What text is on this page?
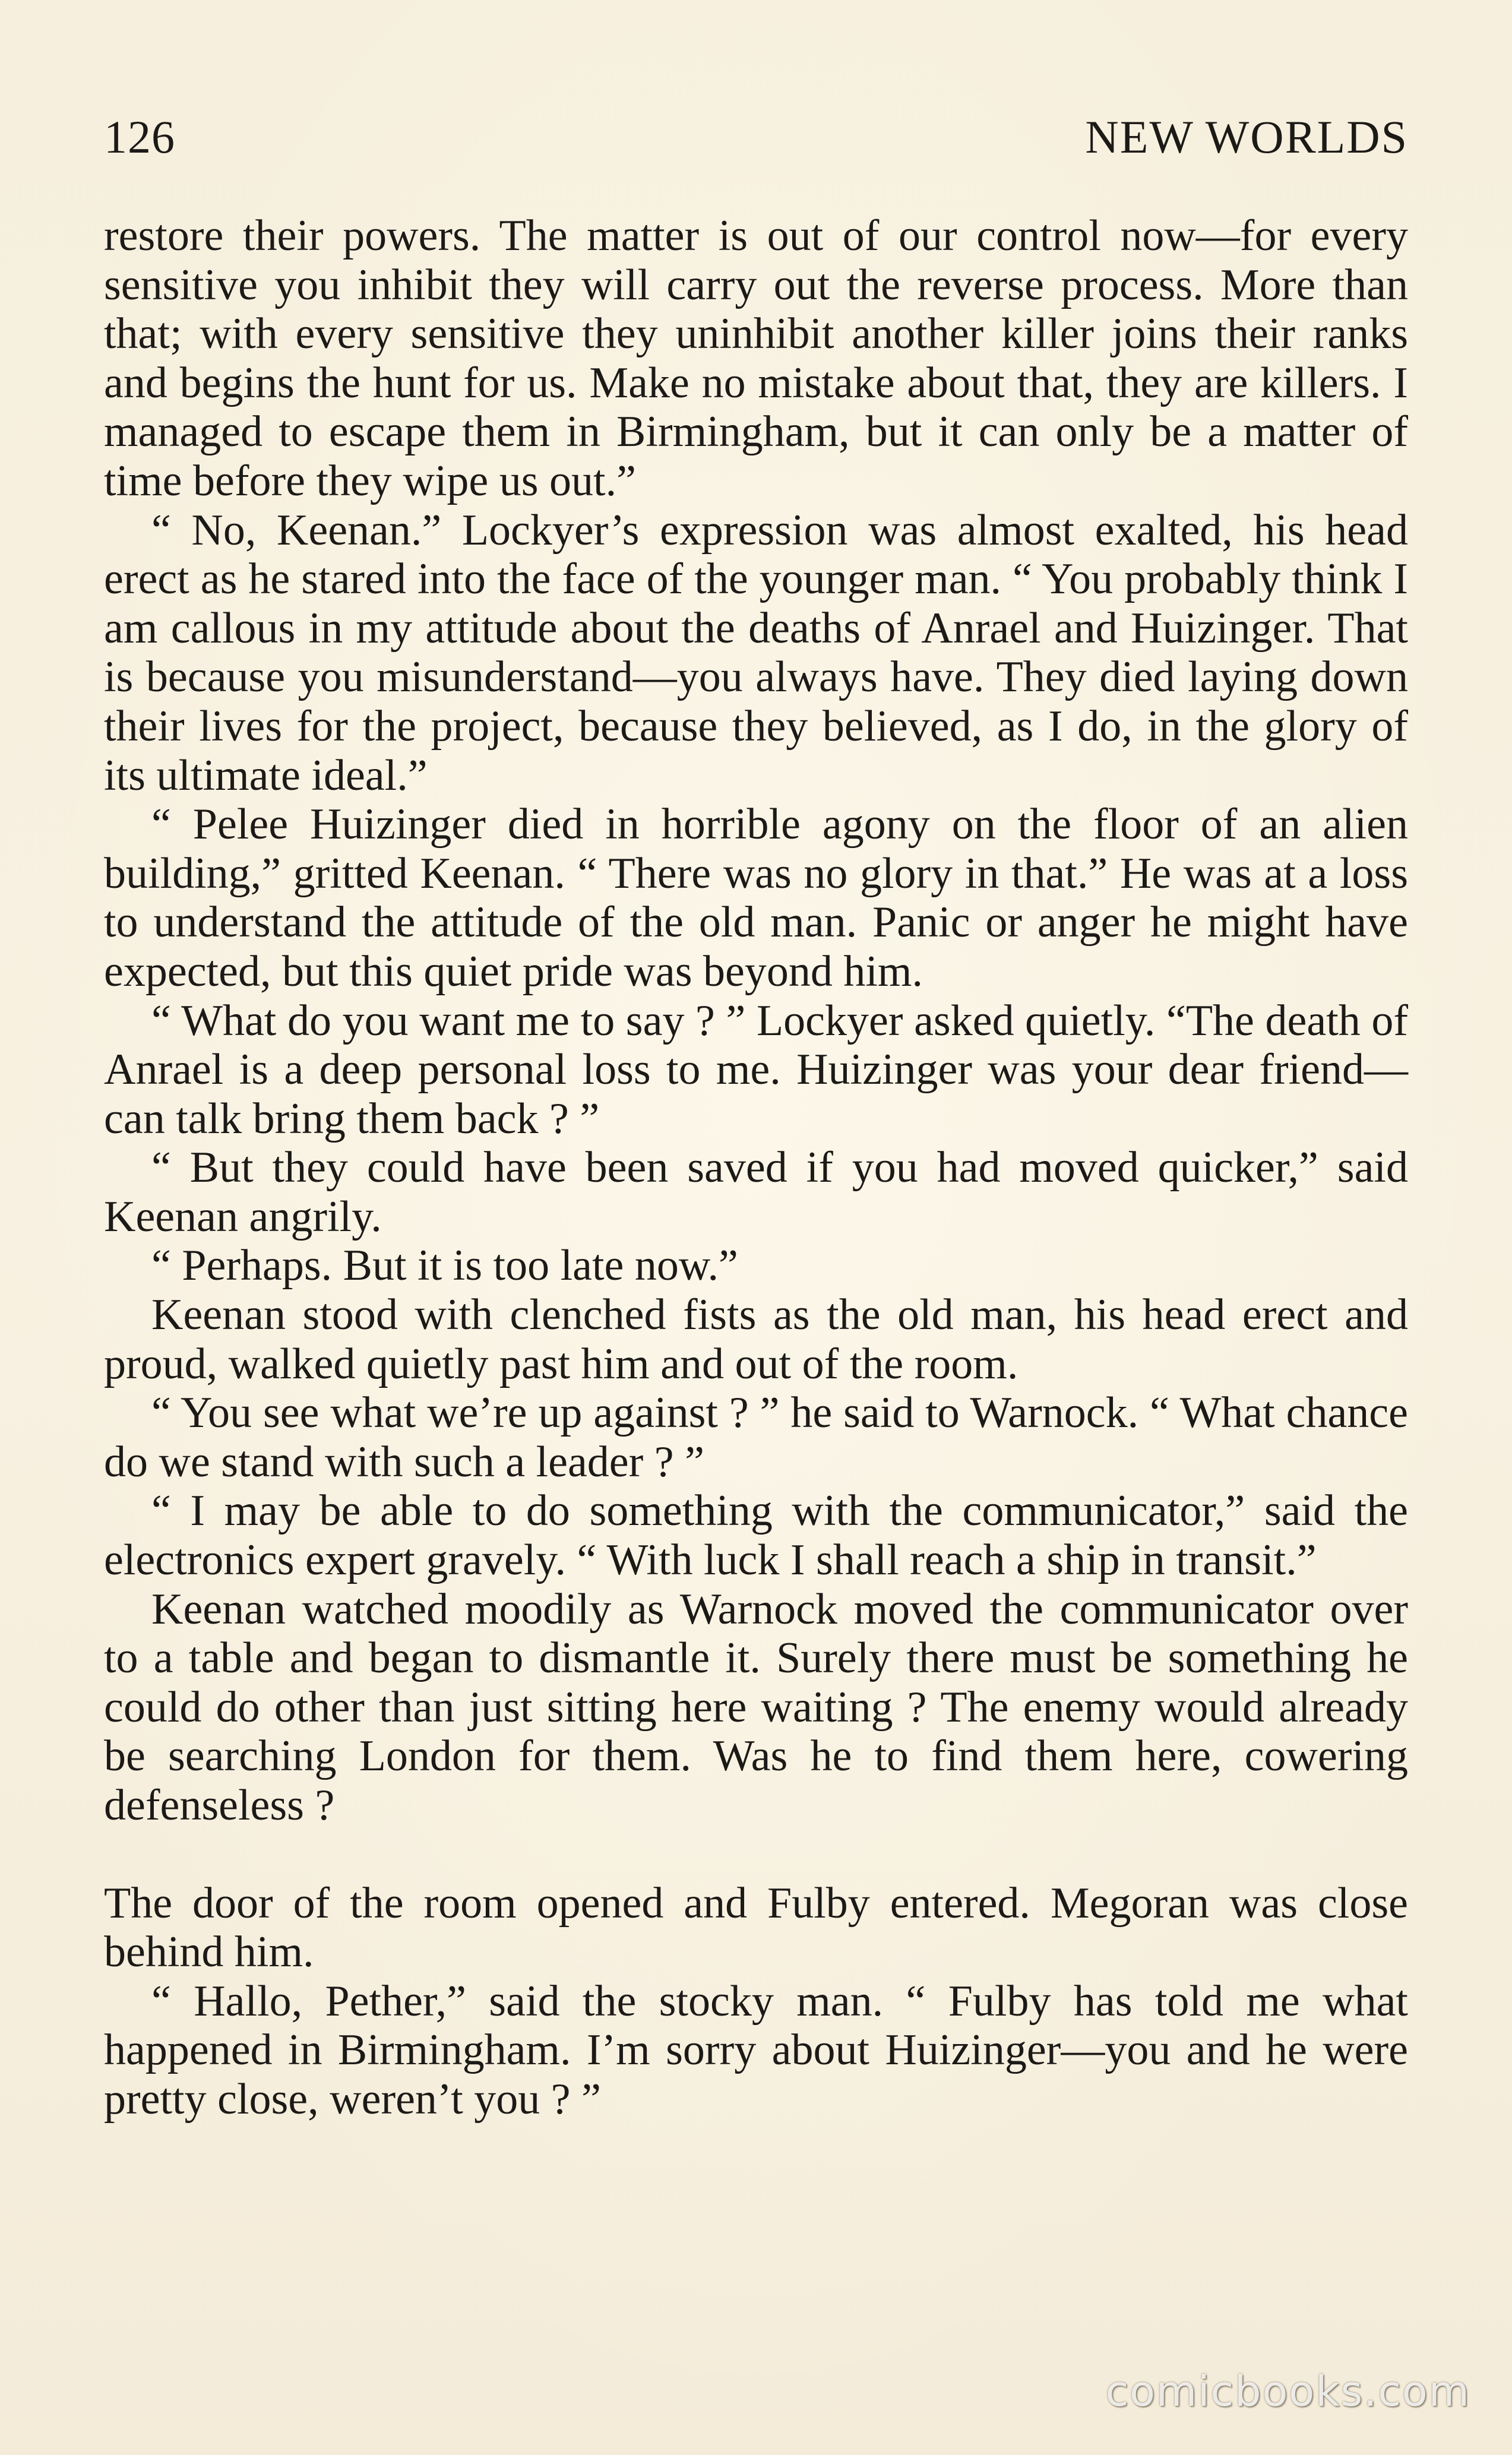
126	NEW WORLDS

restore their powers. The matter is out of our control now—for every sensitive you inhibit they will carry out the reverse process. More than that; with every sensitive they uninhibit another killer joins their ranks and begins the hunt for us. Make no mistake about that, they are killers. I managed to escape them in Birmingham, but it can only be a matter of time before they wipe us out.”

“ No, Keenan.” Lockyer’s expression was almost exalted, his head erect as he stared into the face of the younger man. “ You probably think I am callous in my attitude about the deaths of Anrael and Huizinger. That is because you misunderstand—you always have. They died laying down their lives for the project, because they believed, as I do, in the glory of its ultimate ideal.”

“ Pelee Huizinger died in horrible agony on the floor of an alien building,” gritted Keenan. “ There was no glory in that.” He was at a loss to understand the attitude of the old man. Panic or anger he might have expected, but this quiet pride was beyond him.

“ What do you want me to say ? ” Lockyer asked quietly. “The death of Anrael is a deep personal loss to me. Huizinger was your dear friend—can talk bring them back ? ”

“ But they could have been saved if you had moved quicker,” said Keenan angrily.

“ Perhaps. But it is too late now.”

Keenan stood with clenched fists as the old man, his head erect and proud, walked quietly past him and out of the room.

“ You see what we’re up against ? ” he said to Warnock. “ What chance do we stand with such a leader ? ”

“ I may be able to do something with the communicator,” said the electronics expert gravely. “ With luck I shall reach a ship in transit.”

Keenan watched moodily as Warnock moved the communicator over to a table and began to dismantle it. Surely there must be something he could do other than just sitting here waiting ? The enemy would already be searching London for them. Was he to find them here, cowering defenseless ?

The door of the room opened and Fulby entered. Megoran was close behind him.

“ Hallo, Pether,” said the stocky man. “ Fulby has told me what happened in Birmingham. I’m sorry about Huizinger—you and he were pretty close, weren’t you ? ”

comicbooks.com
